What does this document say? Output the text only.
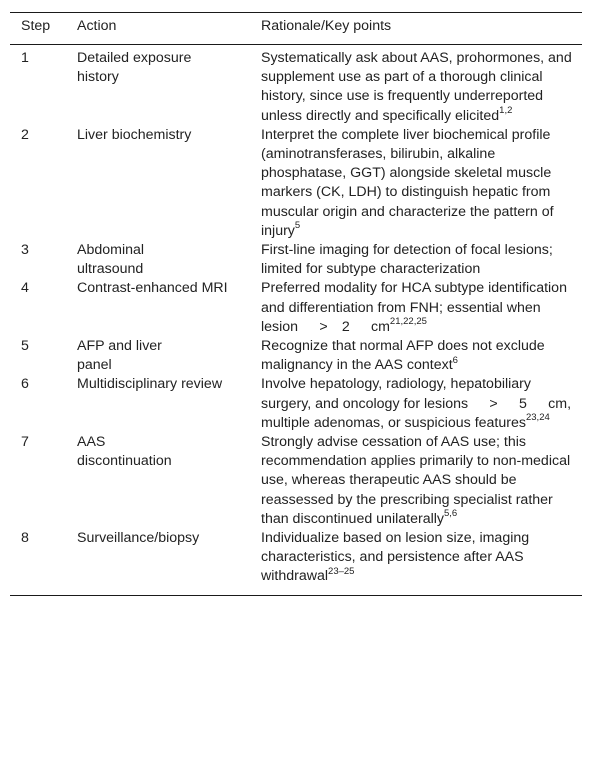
Step	Action	Rationale/Key points
1	Detailed exposure history	Systematically ask about AAS, prohormones, and supplement use as part of a thorough clinical history, since use is frequently underreported unless directly and specifically elicited$^{1,2}$
2	Liver biochemistry	Interpret the complete liver biochemical profile (aminotransferases, bilirubin, alkaline phosphatase, GGT) alongside skeletal muscle markers (CK, LDH) to distinguish hepatic from muscular origin and characterize the pattern of injury$^5$
3	Abdominal ultrasound	First-line imaging for detection of focal lesions; limited for subtype characterization
4	Contrast-enhanced MRI	Preferred modality for HCA subtype identification and differentiation from FNH; essential when lesion   >  2   cm$^{21,22,25}$
5	AFP and liver panel	Recognize that normal AFP does not exclude malignancy in the AAS context$^6$
6	Multidisciplinary review	Involve hepatology, radiology, hepatobiliary surgery, and oncology for lesions   >   5   cm, multiple adenomas, or suspicious features$^{23,24}$
7	AAS discontinuation	Strongly advise cessation of AAS use; this recommendation applies primarily to non-medical use, whereas therapeutic AAS should be reassessed by the prescribing specialist rather than discontinued unilaterally$^{5,6}$
8	Surveillance/biopsy	Individualize based on lesion size, imaging characteristics, and persistence after AAS withdrawal$^{23-25}$
